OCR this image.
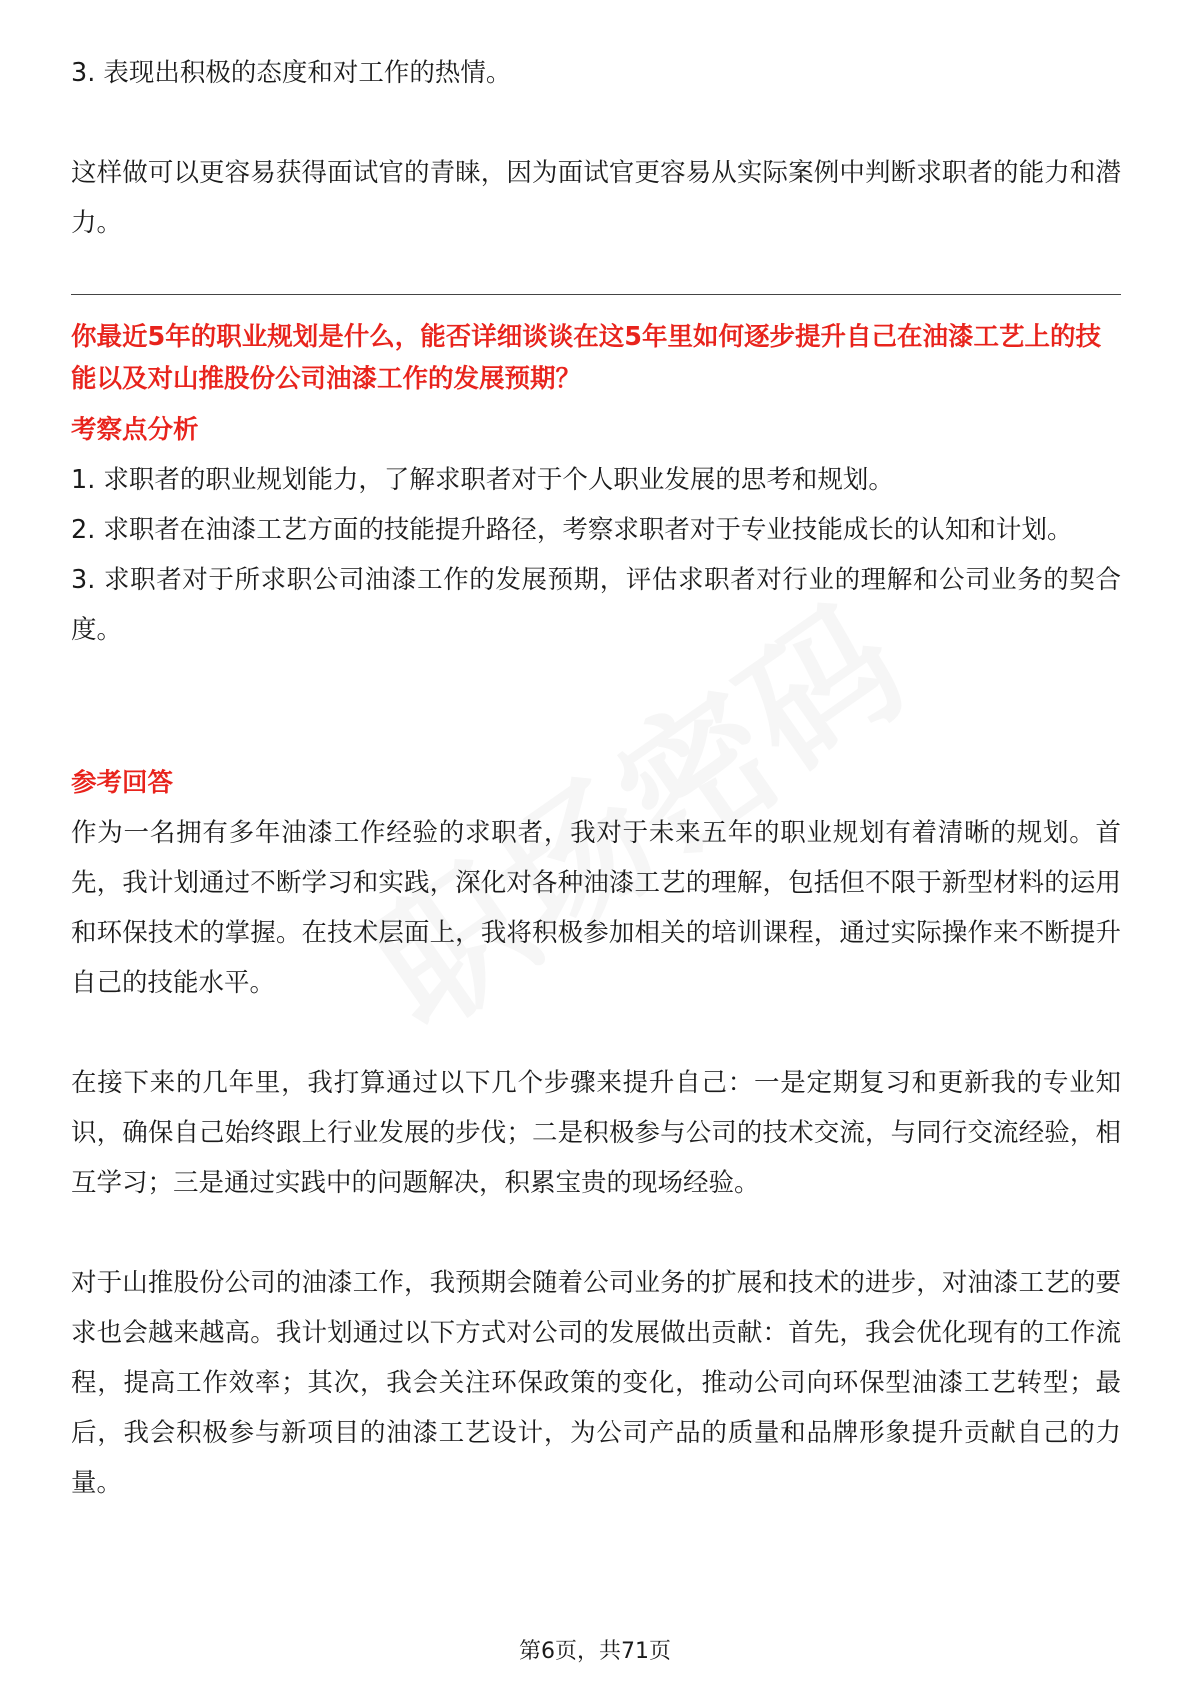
3. 表现出积极的态度和对工作的热情。

这样做可以更容易获得面试官的青睐，因为面试官更容易从实际案例中判断求职者的能力和潜力。

你最近5年的职业规划是什么，能否详细谈谈在这5年里如何逐步提升自己在油漆工艺上的技能以及对山推股份公司油漆工作的发展预期？

考察点分析

1. 求职者的职业规划能力，了解求职者对于个人职业发展的思考和规划。

2. 求职者在油漆工艺方面的技能提升路径，考察求职者对于专业技能成长的认知和计划。

3. 求职者对于所求职公司油漆工作的发展预期，评估求职者对行业的理解和公司业务的契合度。

参考回答

作为一名拥有多年油漆工作经验的求职者，我对于未来五年的职业规划有着清晰的规划。首先，我计划通过不断学习和实践，深化对各种油漆工艺的理解，包括但不限于新型材料的运用和环保技术的掌握。在技术层面上，我将积极参加相关的培训课程，通过实际操作来不断提升自己的技能水平。

在接下来的几年里，我打算通过以下几个步骤来提升自己：一是定期复习和更新我的专业知识，确保自己始终跟上行业发展的步伐；二是积极参与公司的技术交流，与同行交流经验，相互学习；三是通过实践中的问题解决，积累宝贵的现场经验。

对于山推股份公司的油漆工作，我预期会随着公司业务的扩展和技术的进步，对油漆工艺的要求也会越来越高。我计划通过以下方式对公司的发展做出贡献：首先，我会优化现有的工作流程，提高工作效率；其次，我会关注环保政策的变化，推动公司向环保型油漆工艺转型；最后，我会积极参与新项目的油漆工艺设计，为公司产品的质量和品牌形象提升贡献自己的力量。

第6页，共71页
